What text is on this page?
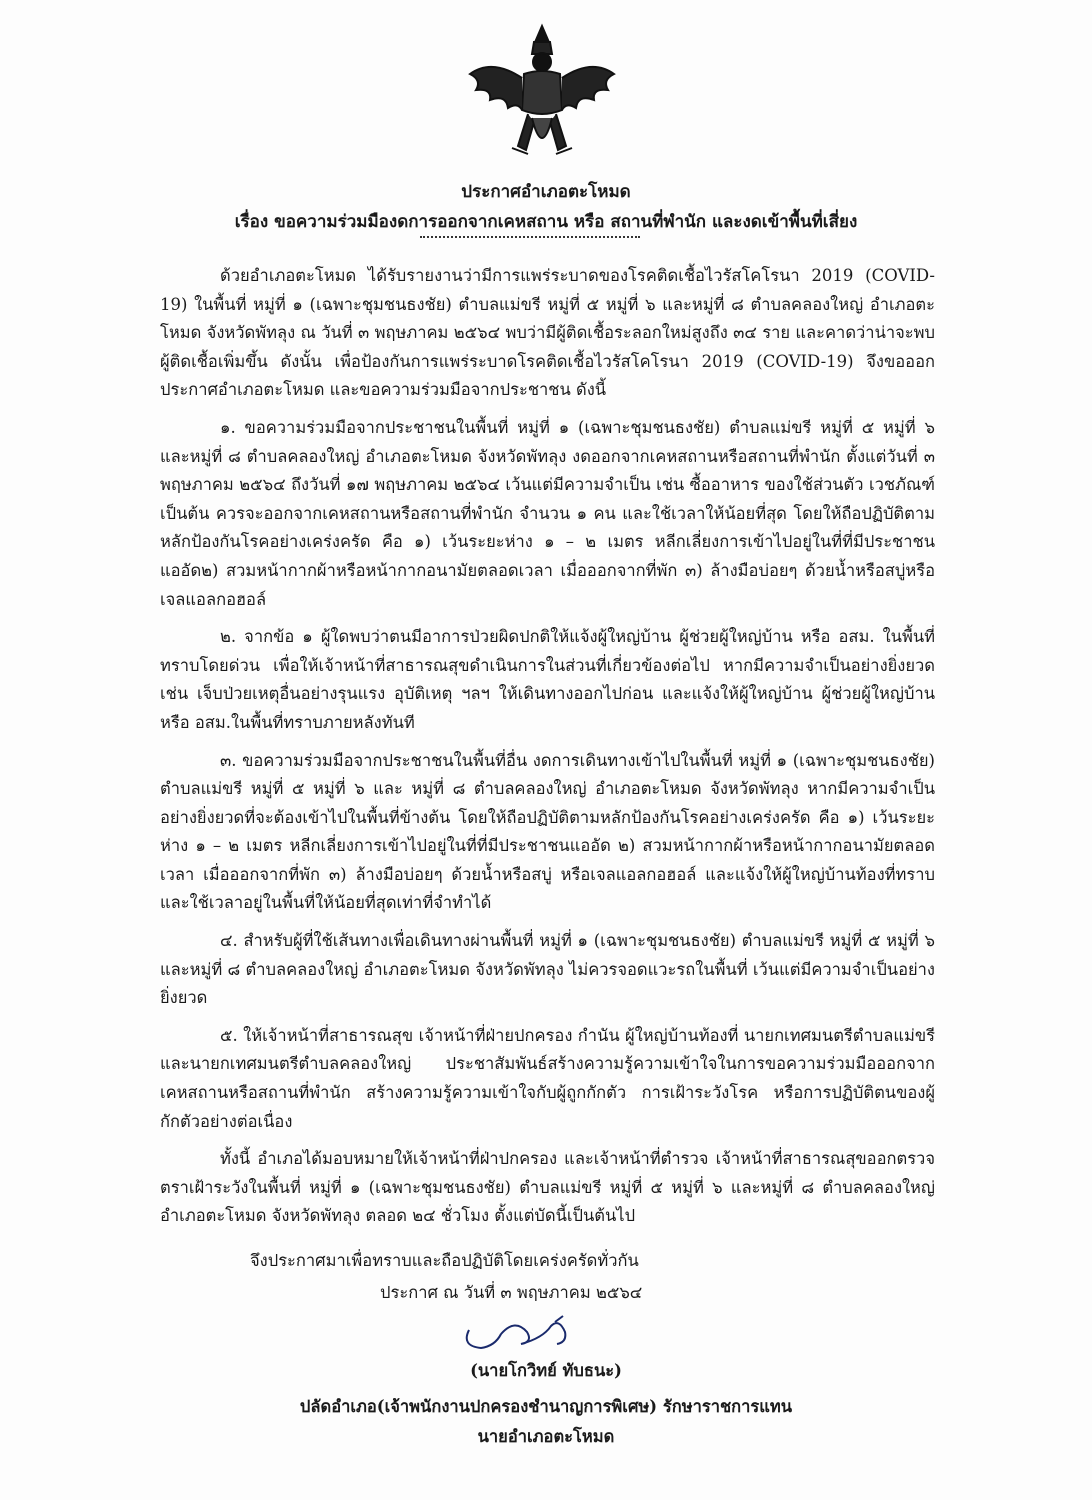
ประกาศอำเภอตะโหมด
เรื่อง ขอความร่วมมืองดการออกจากเคหสถาน หรือ สถานที่พำนัก และงดเข้าพื้นที่เสี่ยง

ด้วยอำเภอตะโหมด ได้รับรายงานว่ามีการแพร่ระบาดของโรคติดเชื้อไวรัสโคโรนา 2019 (COVID-19) ในพื้นที่ หมู่ที่ ๑ (เฉพาะชุมชนธงชัย) ตำบลแม่ขรี หมู่ที่ ๕ หมู่ที่ ๖ และหมู่ที่ ๘ ตำบลคลองใหญ่ อำเภอตะโหมด จังหวัดพัทลุง ณ วันที่ ๓ พฤษภาคม ๒๕๖๔ พบว่ามีผู้ติดเชื้อระลอกใหม่สูงถึง ๓๔ ราย และคาดว่าน่าจะพบผู้ติดเชื้อเพิ่มขึ้น ดังนั้น เพื่อป้องกันการแพร่ระบาดโรคติดเชื้อไวรัสโคโรนา 2019 (COVID-19) จึงขอออกประกาศอำเภอตะโหมด และขอความร่วมมือจากประชาชน ดังนี้

๑. ขอความร่วมมือจากประชาชนในพื้นที่ หมู่ที่ ๑ (เฉพาะชุมชนธงชัย) ตำบลแม่ขรี หมู่ที่ ๕ หมู่ที่ ๖ และหมู่ที่ ๘ ตำบลคลองใหญ่ อำเภอตะโหมด จังหวัดพัทลุง งดออกจากเคหสถานหรือสถานที่พำนัก ตั้งแต่วันที่ ๓ พฤษภาคม ๒๕๖๔ ถึงวันที่ ๑๗ พฤษภาคม ๒๕๖๔ เว้นแต่มีความจำเป็น เช่น ซื้ออาหาร ของใช้ส่วนตัว เวชภัณฑ์ เป็นต้น ควรจะออกจากเคหสถานหรือสถานที่พำนัก จำนวน ๑ คน และใช้เวลาให้น้อยที่สุด โดยให้ถือปฏิบัติตามหลักป้องกันโรคอย่างเคร่งครัด คือ ๑) เว้นระยะห่าง ๑ – ๒ เมตร หลีกเลี่ยงการเข้าไปอยู่ในที่ที่มีประชาชนแออัด๒) สวมหน้ากากผ้าหรือหน้ากากอนามัยตลอดเวลา เมื่อออกจากที่พัก ๓) ล้างมือบ่อยๆ ด้วยน้ำหรือสบู่หรือ เจลแอลกอฮอล์

๒. จากข้อ ๑ ผู้ใดพบว่าตนมีอาการป่วยผิดปกติให้แจ้งผู้ใหญ่บ้าน ผู้ช่วยผู้ใหญ่บ้าน หรือ อสม. ในพื้นที่ทราบโดยด่วน เพื่อให้เจ้าหน้าที่สาธารณสุขดำเนินการในส่วนที่เกี่ยวข้องต่อไป หากมีความจำเป็นอย่างยิ่งยวด เช่น เจ็บป่วยเหตุอื่นอย่างรุนแรง อุบัติเหตุ ฯลฯ ให้เดินทางออกไปก่อน และแจ้งให้ผู้ใหญ่บ้าน ผู้ช่วยผู้ใหญ่บ้าน หรือ อสม.ในพื้นที่ทราบภายหลังทันที

๓. ขอความร่วมมือจากประชาชนในพื้นที่อื่น งดการเดินทางเข้าไปในพื้นที่ หมู่ที่ ๑ (เฉพาะชุมชนธงชัย) ตำบลแม่ขรี หมู่ที่ ๕ หมู่ที่ ๖ และ หมู่ที่ ๘ ตำบลคลองใหญ่ อำเภอตะโหมด จังหวัดพัทลุง หากมีความจำเป็นอย่างยิ่งยวดที่จะต้องเข้าไปในพื้นที่ข้างต้น โดยให้ถือปฏิบัติตามหลักป้องกันโรคอย่างเคร่งครัด คือ ๑) เว้นระยะห่าง ๑ – ๒ เมตร หลีกเลี่ยงการเข้าไปอยู่ในที่ที่มีประชาชนแออัด ๒) สวมหน้ากากผ้าหรือหน้ากากอนามัยตลอดเวลา เมื่อออกจากที่พัก ๓) ล้างมือบ่อยๆ ด้วยน้ำหรือสบู่ หรือเจลแอลกอฮอล์ และแจ้งให้ผู้ใหญ่บ้านท้องที่ทราบและใช้เวลาอยู่ในพื้นที่ให้น้อยที่สุดเท่าที่จำทำได้

๔. สำหรับผู้ที่ใช้เส้นทางเพื่อเดินทางผ่านพื้นที่ หมู่ที่ ๑ (เฉพาะชุมชนธงชัย) ตำบลแม่ขรี หมู่ที่ ๕ หมู่ที่ ๖ และหมู่ที่ ๘ ตำบลคลองใหญ่ อำเภอตะโหมด จังหวัดพัทลุง ไม่ควรจอดแวะรถในพื้นที่ เว้นแต่มีความจำเป็นอย่างยิ่งยวด

๕. ให้เจ้าหน้าที่สาธารณสุข เจ้าหน้าที่ฝ่ายปกครอง กำนัน ผู้ใหญ่บ้านท้องที่ นายกเทศมนตรีตำบลแม่ขรี และนายกเทศมนตรีตำบลคลองใหญ่ ประชาสัมพันธ์สร้างความรู้ความเข้าใจในการขอความร่วมมือออกจากเคหสถานหรือสถานที่พำนัก สร้างความรู้ความเข้าใจกับผู้ถูกกักตัว การเฝ้าระวังโรค หรือการปฏิบัติตนของผู้กักตัวอย่างต่อเนื่อง

ทั้งนี้ อำเภอได้มอบหมายให้เจ้าหน้าที่ฝ่าปกครอง และเจ้าหน้าที่ตำรวจ เจ้าหน้าที่สาธารณสุขออกตรวจตราเฝ้าระวังในพื้นที่ หมู่ที่ ๑ (เฉพาะชุมชนธงชัย) ตำบลแม่ขรี หมู่ที่ ๕ หมู่ที่ ๖ และหมู่ที่ ๘ ตำบลคลองใหญ่ อำเภอตะโหมด จังหวัดพัทลุง ตลอด ๒๔ ชั่วโมง ตั้งแต่บัดนี้เป็นต้นไป

จึงประกาศมาเพื่อทราบและถือปฏิบัติโดยเคร่งครัดทั่วกัน
ประกาศ ณ วันที่ ๓ พฤษภาคม ๒๕๖๔
(นายโกวิทย์ ทับธนะ)
ปลัดอำเภอ(เจ้าพนักงานปกครองชำนาญการพิเศษ) รักษาราชการแทน
นายอำเภอตะโหมด
